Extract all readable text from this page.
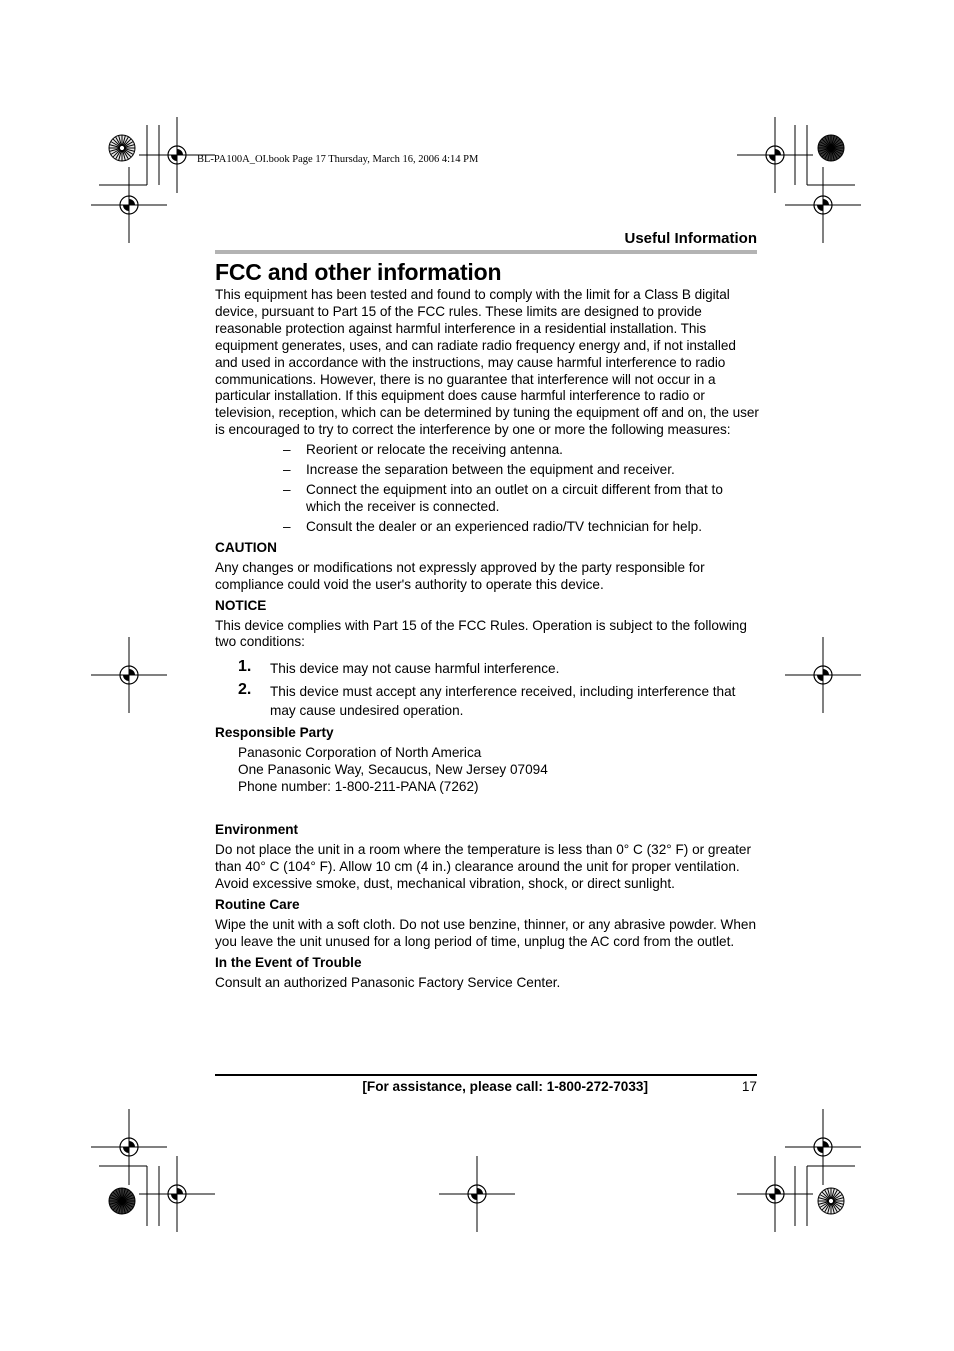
BL-PA100A_OI.book Page 17 Thursday, March 16, 2006 4:14 PM
Useful Information
FCC and other information

This equipment has been tested and found to comply with the limit for a Class B digital device, pursuant to Part 15 of the FCC rules. These limits are designed to provide reasonable protection against harmful interference in a residential installation. This equipment generates, uses, and can radiate radio frequency energy and, if not installed and used in accordance with the instructions, may cause harmful interference to radio communications. However, there is no guarantee that interference will not occur in a particular installation. If this equipment does cause harmful interference to radio or television, reception, which can be determined by tuning the equipment off and on, the user is encouraged to try to correct the interference by one or more the following measures:

– Reorient or relocate the receiving antenna.
– Increase the separation between the equipment and receiver.
– Connect the equipment into an outlet on a circuit different from that to which the receiver is connected.
– Consult the dealer or an experienced radio/TV technician for help.
CAUTION

Any changes or modifications not expressly approved by the party responsible for compliance could void the user's authority to operate this device.

NOTICE

This device complies with Part 15 of the FCC Rules. Operation is subject to the following two conditions:

1. This device may not cause harmful interference.
2. This device must accept any interference received, including interference that may cause undesired operation.
Responsible Party
Panasonic Corporation of North America
One Panasonic Way, Secaucus, New Jersey 07094
Phone number: 1-800-211-PANA (7262)
Environment

Do not place the unit in a room where the temperature is less than 0° C (32° F) or greater than 40° C (104° F). Allow 10 cm (4 in.) clearance around the unit for proper ventilation. Avoid excessive smoke, dust, mechanical vibration, shock, or direct sunlight.

Routine Care

Wipe the unit with a soft cloth. Do not use benzine, thinner, or any abrasive powder. When you leave the unit unused for a long period of time, unplug the AC cord from the outlet.

In the Event of Trouble

Consult an authorized Panasonic Factory Service Center.

[For assistance, please call: 1-800-272-7033]	17
